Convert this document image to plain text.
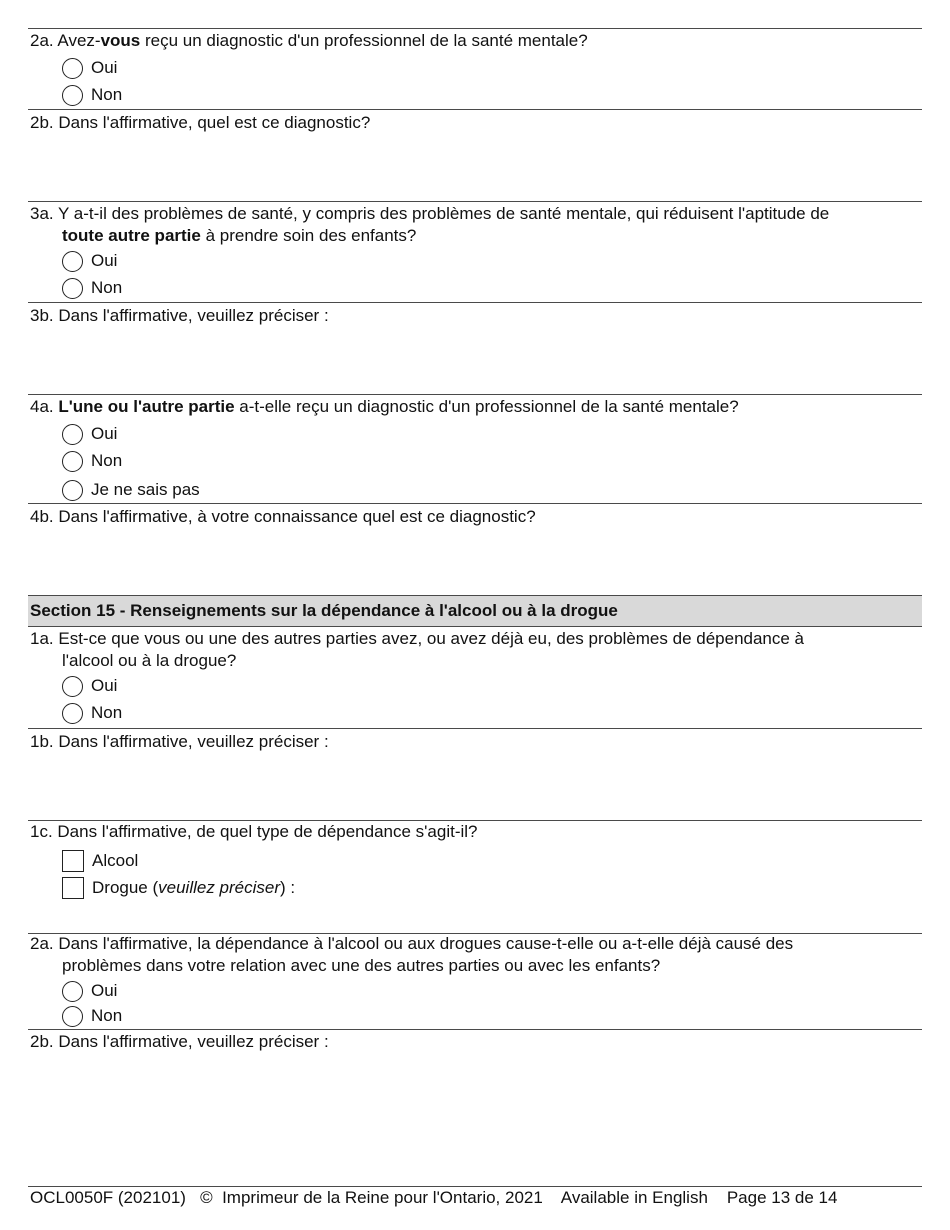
2a. Avez-vous reçu un diagnostic d'un professionnel de la santé mentale?
Oui
Non
2b. Dans l'affirmative, quel est ce diagnostic?
3a. Y a-t-il des problèmes de santé, y compris des problèmes de santé mentale, qui réduisent l'aptitude de
toute autre partie à prendre soin des enfants?
Oui
Non
3b. Dans l'affirmative, veuillez préciser :
4a. L'une ou l'autre partie a-t-elle reçu un diagnostic d'un professionnel de la santé mentale?
Oui
Non
Je ne sais pas
4b. Dans l'affirmative, à votre connaissance quel est ce diagnostic?
Section 15 - Renseignements sur la dépendance à l'alcool ou à la drogue
1a. Est-ce que vous ou une des autres parties avez, ou avez déjà eu, des problèmes de dépendance à
l'alcool ou à la drogue?
Oui
Non
1b. Dans l'affirmative, veuillez préciser :
1c. Dans l'affirmative, de quel type de dépendance s'agit-il?
Alcool
Drogue (veuillez préciser) :
2a. Dans l'affirmative, la dépendance à l'alcool ou aux drogues cause-t-elle ou a-t-elle déjà causé des
problèmes dans votre relation avec une des autres parties ou avec les enfants?
Oui
Non
2b. Dans l'affirmative, veuillez préciser :
OCL0050F (202101) ©  Imprimeur de la Reine pour l'Ontario, 2021 Available in English Page 13 de 14
